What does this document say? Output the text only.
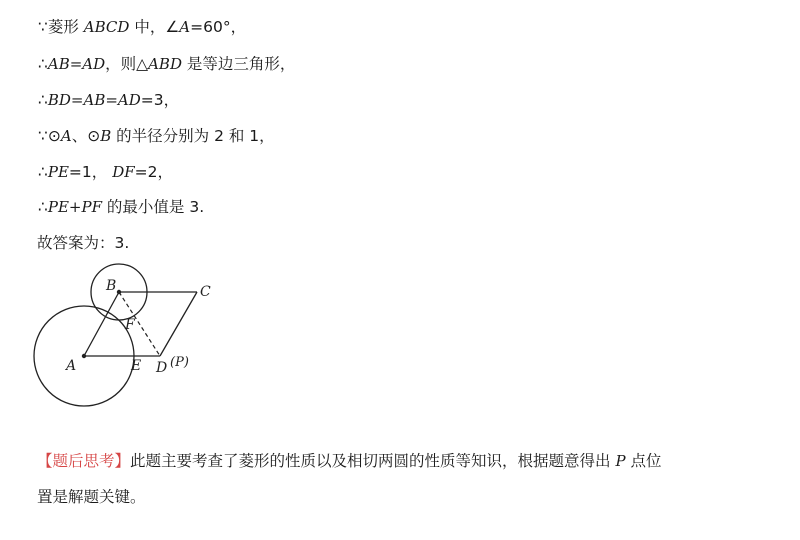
∵菱形 ABCD 中，∠A=60°，
∴AB=AD，则△ABD 是等边三角形，
∴BD=AB=AD=3，
∵⊙A、⊙B 的半径分别为 2 和 1，
∴PE=1， DF=2，
∴PE+PF 的最小值是 3.
故答案为：3.
A
B	C
D
E
F
(P)
【题后思考】此题主要考查了菱形的性质以及相切两圆的性质等知识，根据题意得出 P 点位
置是解题关键。
